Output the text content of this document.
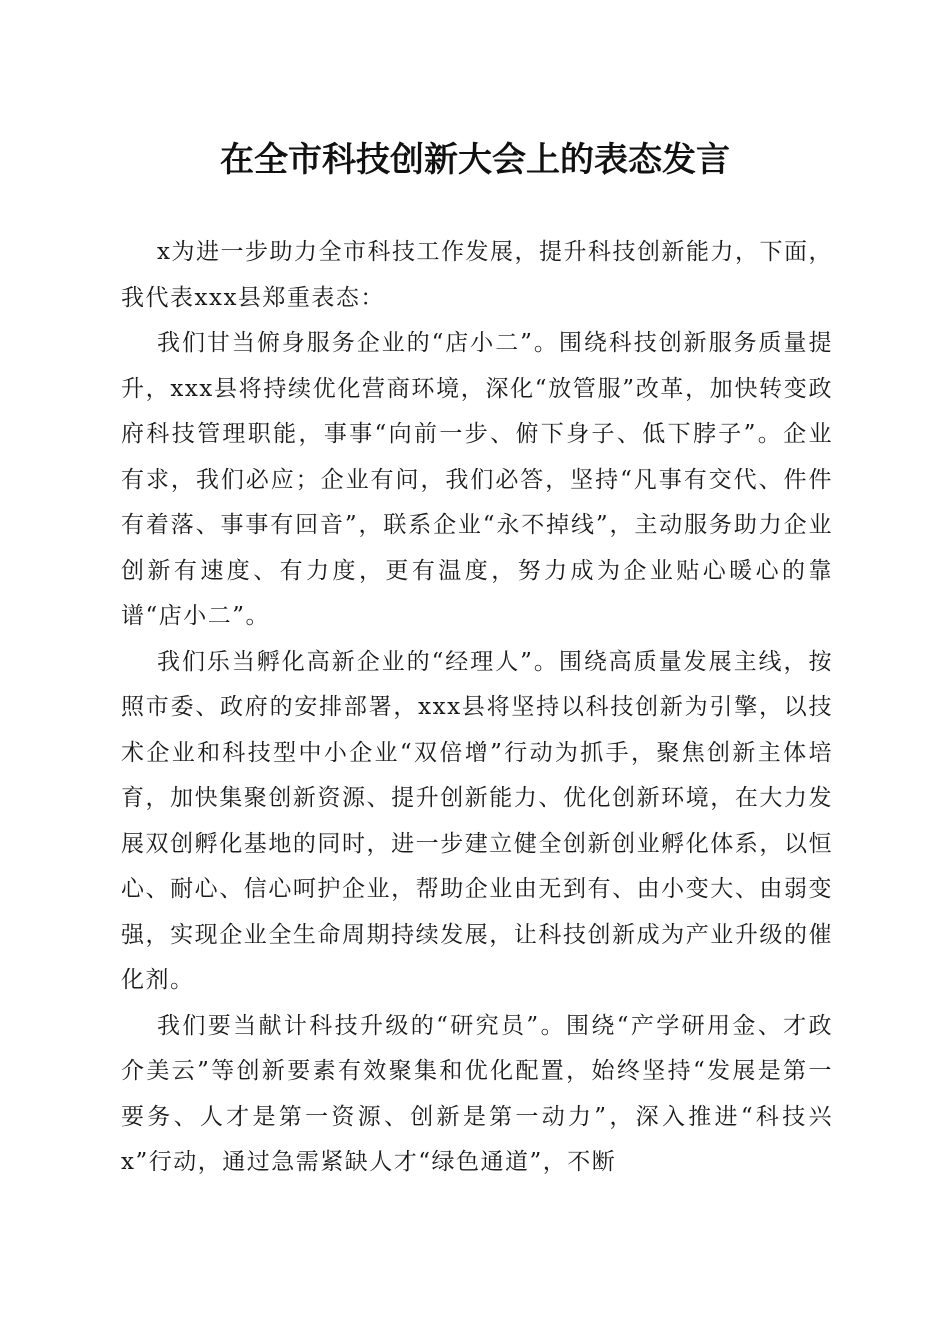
在全市科技创新大会上的表态发言

x为进一步助力全市科技工作发展，提升科技创新能力，下面，我代表xxx县郑重表态：

我们甘当俯身服务企业的“店小二”。围绕科技创新服务质量提升，xxx县将持续优化营商环境，深化“放管服”改革，加快转变政府科技管理职能，事事“向前一步、俯下身子、低下脖子”。企业有求，我们必应；企业有问，我们必答，坚持“凡事有交代、件件有着落、事事有回音”，联系企业“永不掉线”，主动服务助力企业创新有速度、有力度，更有温度，努力成为企业贴心暖心的靠谱“店小二”。

我们乐当孵化高新企业的“经理人”。围绕高质量发展主线，按照市委、政府的安排部署，xxx县将坚持以科技创新为引擎，以技术企业和科技型中小企业“双倍增”行动为抓手，聚焦创新主体培育，加快集聚创新资源、提升创新能力、优化创新环境，在大力发展双创孵化基地的同时，进一步建立健全创新创业孵化体系，以恒心、耐心、信心呵护企业，帮助企业由无到有、由小变大、由弱变强，实现企业全生命周期持续发展，让科技创新成为产业升级的催化剂。

我们要当献计科技升级的“研究员”。围绕“产学研用金、才政介美云”等创新要素有效聚集和优化配置，始终坚持“发展是第一要务、人才是第一资源、创新是第一动力”，深入推进“科技兴x”行动，通过急需紧缺人才“绿色通道”，不断
